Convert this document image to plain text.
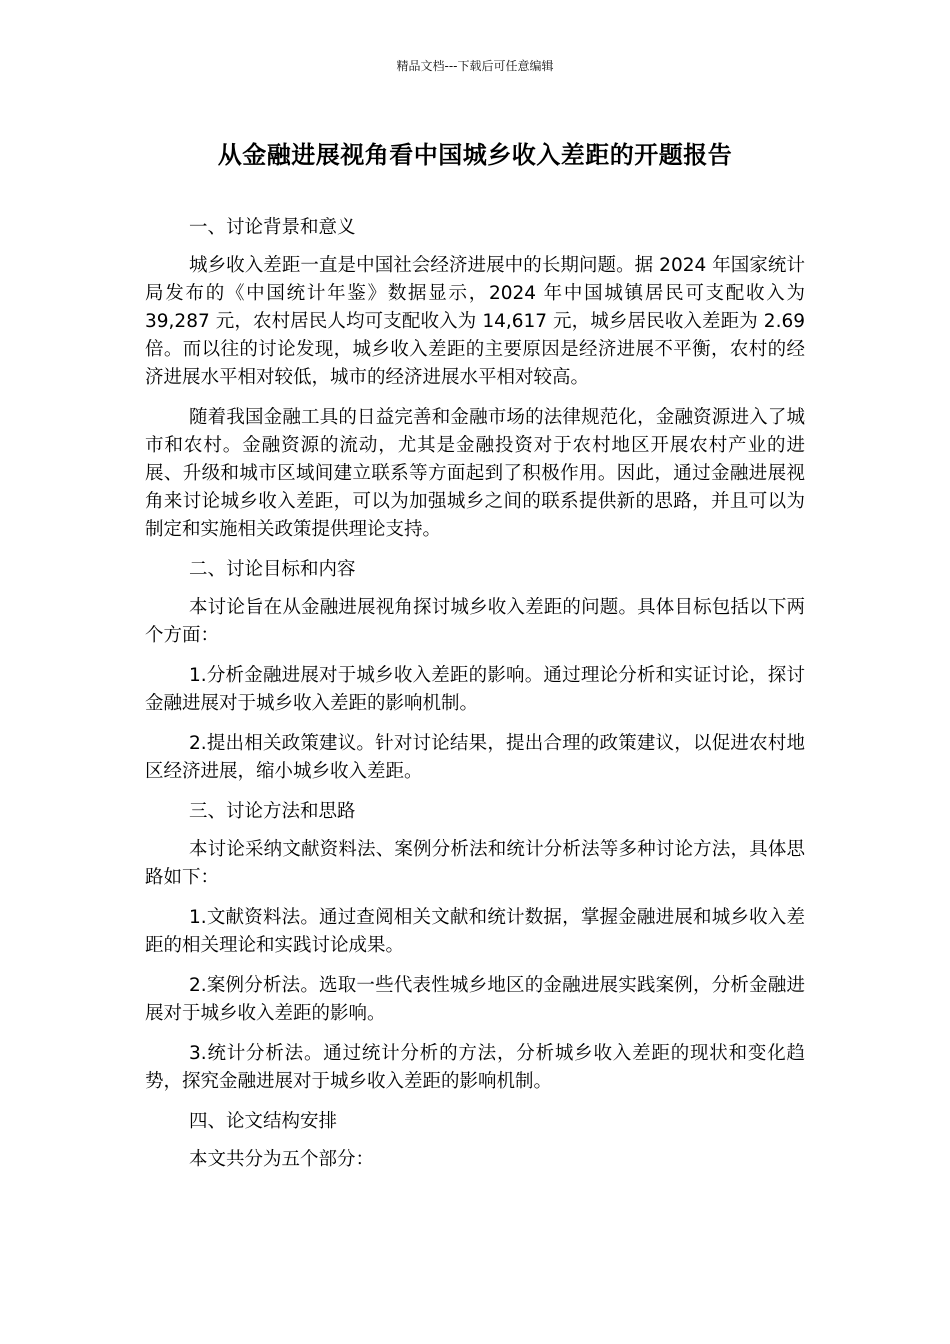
精品文档---下载后可任意编辑
从金融进展视角看中国城乡收入差距的开题报告

一、讨论背景和意义

城乡收入差距一直是中国社会经济进展中的长期问题。据 2024 年国家统计局发布的《中国统计年鉴》数据显示，2024 年中国城镇居民可支配收入为 39,287 元，农村居民人均可支配收入为 14,617 元，城乡居民收入差距为 2.69 倍。而以往的讨论发现，城乡收入差距的主要原因是经济进展不平衡，农村的经济进展水平相对较低，城市的经济进展水平相对较高。

随着我国金融工具的日益完善和金融市场的法律规范化，金融资源进入了城市和农村。金融资源的流动，尤其是金融投资对于农村地区开展农村产业的进展、升级和城市区域间建立联系等方面起到了积极作用。因此，通过金融进展视角来讨论城乡收入差距，可以为加强城乡之间的联系提供新的思路，并且可以为制定和实施相关政策提供理论支持。

二、讨论目标和内容

本讨论旨在从金融进展视角探讨城乡收入差距的问题。具体目标包括以下两个方面：

1.分析金融进展对于城乡收入差距的影响。通过理论分析和实证讨论，探讨金融进展对于城乡收入差距的影响机制。

2.提出相关政策建议。针对讨论结果，提出合理的政策建议，以促进农村地区经济进展，缩小城乡收入差距。

三、讨论方法和思路

本讨论采纳文献资料法、案例分析法和统计分析法等多种讨论方法，具体思路如下：

1.文献资料法。通过查阅相关文献和统计数据，掌握金融进展和城乡收入差距的相关理论和实践讨论成果。

2.案例分析法。选取一些代表性城乡地区的金融进展实践案例，分析金融进展对于城乡收入差距的影响。

3.统计分析法。通过统计分析的方法，分析城乡收入差距的现状和变化趋势，探究金融进展对于城乡收入差距的影响机制。

四、论文结构安排

本文共分为五个部分：
